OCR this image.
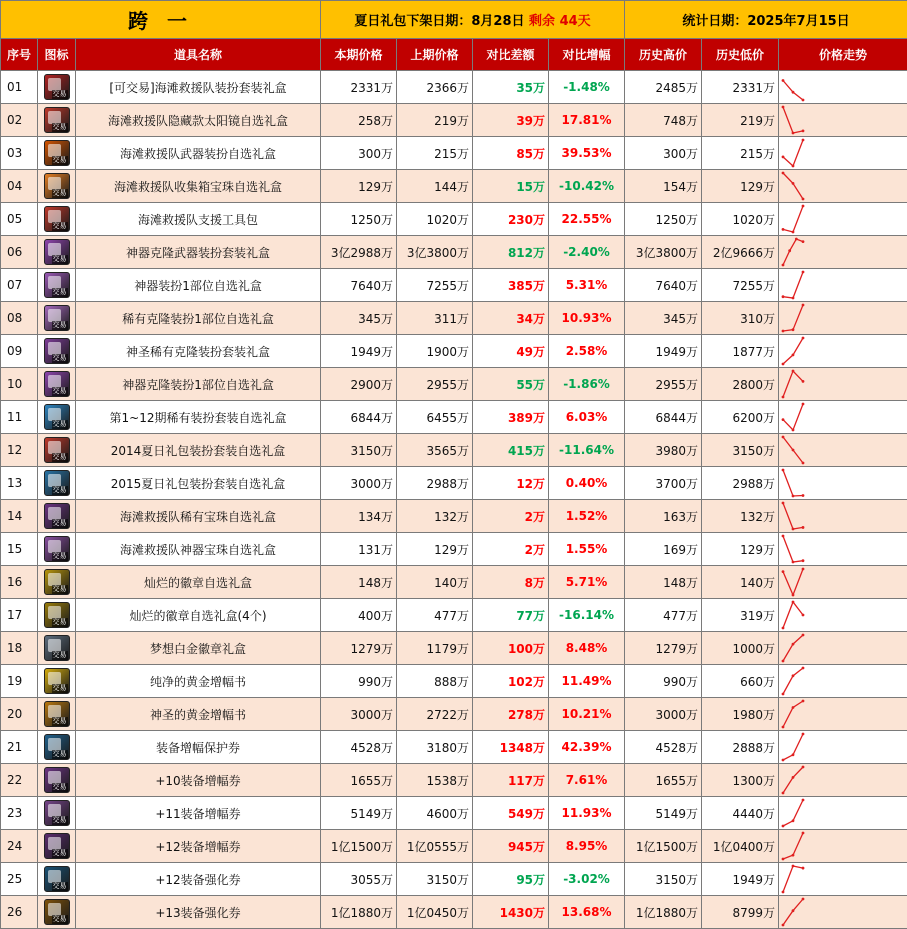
跨 一			夏日礼包下架日期：8月28日 剩余 44天				统计日期：2025年7月15日		
序号	图标	道具名称	本期价格	上期价格	对比差额	对比增幅	历史高价	历史低价	价格走势
01	交易	[可交易]海滩救援队装扮套装礼盒	2331万	2366万	35万	-1.48%	2485万	2331万	

02	交易	海滩救援队隐藏款太阳镜自选礼盒	258万	219万	39万	17.81%	748万	219万	

03	交易	海滩救援队武器装扮自选礼盒	300万	215万	85万	39.53%	300万	215万	

04	交易	海滩救援队收集箱宝珠自选礼盒	129万	144万	15万	-10.42%	154万	129万	

05	交易	海滩救援队支援工具包	1250万	1020万	230万	22.55%	1250万	1020万	

06	交易	神器克隆武器装扮套装礼盒	3亿2988万	3亿3800万	812万	-2.40%	3亿3800万	2亿9666万	

07	交易	神器装扮1部位自选礼盒	7640万	7255万	385万	5.31%	7640万	7255万	

08	交易	稀有克隆装扮1部位自选礼盒	345万	311万	34万	10.93%	345万	310万	

09	交易	神圣稀有克隆装扮套装礼盒	1949万	1900万	49万	2.58%	1949万	1877万	

10	交易	神器克隆装扮1部位自选礼盒	2900万	2955万	55万	-1.86%	2955万	2800万	

11	交易	第1~12期稀有装扮套装自选礼盒	6844万	6455万	389万	6.03%	6844万	6200万	

12	交易	2014夏日礼包装扮套装自选礼盒	3150万	3565万	415万	-11.64%	3980万	3150万	

13	交易	2015夏日礼包装扮套装自选礼盒	3000万	2988万	12万	0.40%	3700万	2988万	

14	交易	海滩救援队稀有宝珠自选礼盒	134万	132万	2万	1.52%	163万	132万	

15	交易	海滩救援队神器宝珠自选礼盒	131万	129万	2万	1.55%	169万	129万	

16	交易	灿烂的徽章自选礼盒	148万	140万	8万	5.71%	148万	140万	

17	交易	灿烂的徽章自选礼盒(4个)	400万	477万	77万	-16.14%	477万	319万	

18	交易	梦想白金徽章礼盒	1279万	1179万	100万	8.48%	1279万	1000万	

19	交易	纯净的黄金增幅书	990万	888万	102万	11.49%	990万	660万	

20	交易	神圣的黄金增幅书	3000万	2722万	278万	10.21%	3000万	1980万	

21	交易	装备增幅保护券	4528万	3180万	1348万	42.39%	4528万	2888万	

22	交易	+10装备增幅券	1655万	1538万	117万	7.61%	1655万	1300万	

23	交易	+11装备增幅券	5149万	4600万	549万	11.93%	5149万	4440万	

24	交易	+12装备增幅券	1亿1500万	1亿0555万	945万	8.95%	1亿1500万	1亿0400万	

25	交易	+12装备强化券	3055万	3150万	95万	-3.02%	3150万	1949万	

26	交易	+13装备强化券	1亿1880万	1亿0450万	1430万	13.68%	1亿1880万	8799万	
